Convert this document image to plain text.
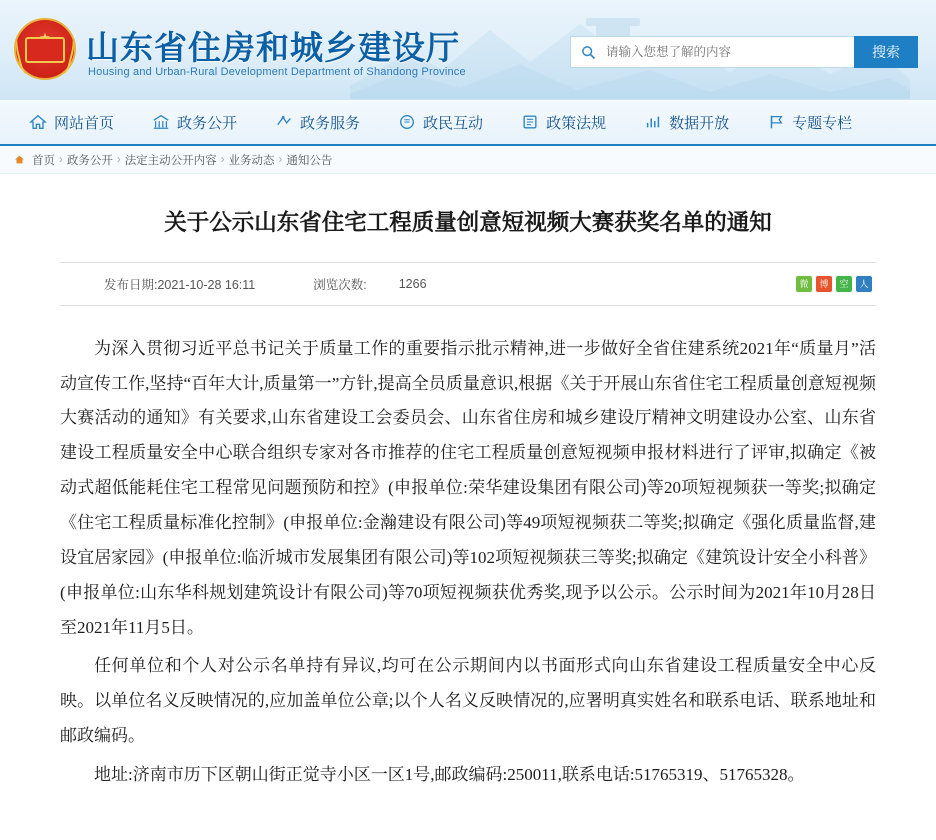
山东省住房和城乡建设厅
Housing and Urban-Rural Development Department of Shandong Province
请输入您想了解的内容
搜索
网站首页	政务公开	政务服务	政民互动	政策法规	数据开放	专题专栏
首页 › 政务公开 › 法定主动公开内容 › 业务动态 › 通知公告
关于公示山东省住宅工程质量创意短视频大赛获奖名单的通知
发布日期:2021-10-28 16:11	浏览次数:	1266	微	博	空	人

为深入贯彻习近平总书记关于质量工作的重要指示批示精神,进一步做好全省住建系统2021年“质量月”活动宣传工作,坚持“百年大计,质量第一”方针,提高全员质量意识,根据《关于开展山东省住宅工程质量创意短视频大赛活动的通知》有关要求,山东省建设工会委员会、山东省住房和城乡建设厅精神文明建设办公室、山东省建设工程质量安全中心联合组织专家对各市推荐的住宅工程质量创意短视频申报材料进行了评审,拟确定《被动式超低能耗住宅工程常见问题预防和控》(申报单位:荣华建设集团有限公司)等20项短视频获一等奖;拟确定《住宅工程质量标准化控制》(申报单位:金瀚建设有限公司)等49项短视频获二等奖;拟确定《强化质量监督,建设宜居家园》(申报单位:临沂城市发展集团有限公司)等102项短视频获三等奖;拟确定《建筑设计安全小科普》(申报单位:山东华科规划建筑设计有限公司)等70项短视频获优秀奖,现予以公示。公示时间为2021年10月28日至2021年11月5日。

任何单位和个人对公示名单持有异议,均可在公示期间内以书面形式向山东省建设工程质量安全中心反映。以单位名义反映情况的,应加盖单位公章;以个人名义反映情况的,应署明真实姓名和联系电话、联系地址和邮政编码。

地址:济南市历下区朝山街正觉寺小区一区1号,邮政编码:250011,联系电话:51765319、51765328。
